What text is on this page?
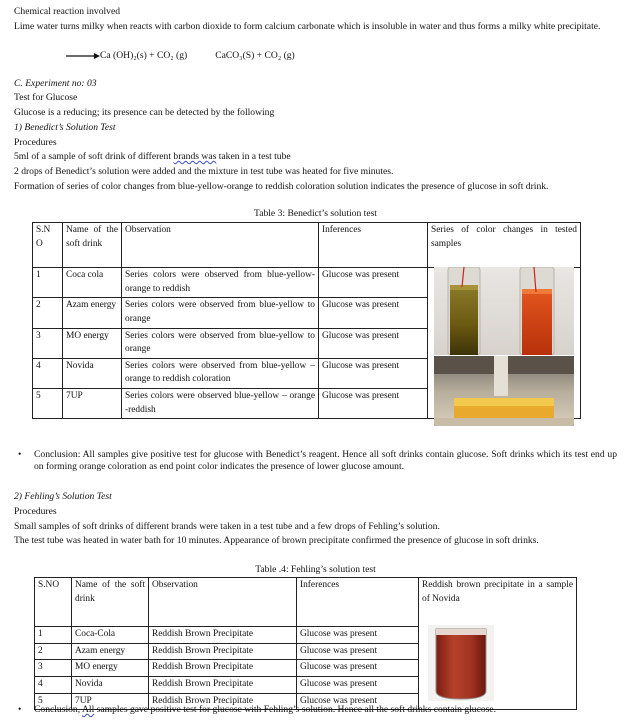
Chemical reaction involved
Lime water turns milky when reacts with carbon dioxide to form calcium carbonate which is insoluble in water and thus forms a milky white precipitate.
→Ca (OH)₂(s) + CO₂ (g)	CaCO₃(S) + CO₂ (g)
C. Experiment no: 03
Test for Glucose
Glucose is a reducing; its presence can be detected by the following
1) Benedict’s Solution Test
Procedures
5ml of a sample of soft drink of different brands was taken in a test tube
2 drops of Benedict’s solution were added and the mixture in test tube was heated for five minutes.
Formation of series of color changes from blue-yellow-orange to reddish coloration solution indicates the presence of glucose in soft drink.
Table 3: Benedict’s solution test
S.N O	Name of the soft drink	Observation	Inferences	Series of color changes in tested samples
1	Coca cola	Series colors were observed from blue-yellow-orange to reddish	Glucose was present	
2	Azam energy	Series colors were observed from blue-yellow to orange	Glucose was present	
3	MO energy	Series colors were observed from blue-yellow to orange	Glucose was present	
4	Novida	Series colors were observed from blue-yellow – orange to reddish coloration	Glucose was present	
5	7UP	Series colors were observed blue-yellow – orange -reddish	Glucose was present	
• Conclusion: All samples give positive test for glucose with Benedict’s reagent. Hence all soft drinks contain glucose. Soft drinks which its test end up on forming orange coloration as end point color indicates the presence of lower glucose amount.
2) Fehling’s Solution Test
Procedures
Small samples of soft drinks of different brands were taken in a test tube and a few drops of Fehling’s solution.
The test tube was heated in water bath for 10 minutes. Appearance of brown precipitate confirmed the presence of glucose in soft drinks.
Table .4: Fehling’s solution test
S.NO	Name of the soft drink	Observation	Inferences	Reddish brown precipitate in a sample of Novida

1	Coca-Cola	Reddish Brown Precipitate	Glucose was present	
2	Azam energy	Reddish Brown Precipitate	Glucose was present	
3	MO energy	Reddish Brown Precipitate	Glucose was present	
4	Novida	Reddish Brown Precipitate	Glucose was present	
5	7UP	Reddish Brown Precipitate	Glucose was present	
• Conclusion, All samples gave positive test for glucose with Fehling’s solution. Hence all the soft drinks contain glucose.
